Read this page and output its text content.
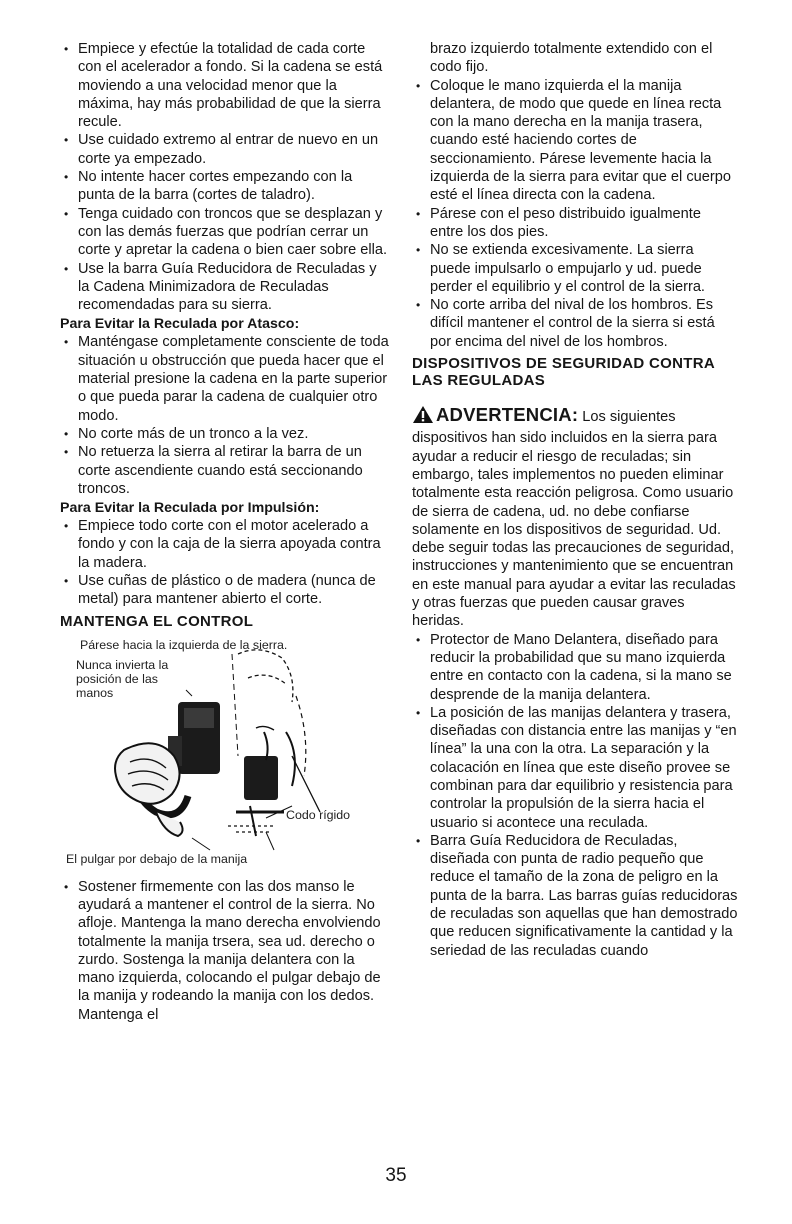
• Empiece y efectúe la totalidad de cada corte con el acelerador a fondo. Si la cadena se está moviendo a una velocidad menor que la máxima, hay más probabilidad de que la sierra recule.
• Use cuidado extremo al entrar de nuevo en un corte ya empezado.
• No intente hacer cortes empezando con la punta de la barra (cortes de taladro).
• Tenga cuidado con troncos que se desplazan y con las demás fuerzas que podrían cerrar un corte y apretar la cadena o bien caer sobre ella.
• Use la barra Guía Reducidora de Reculadas y la Cadena Minimizadora de Reculadas recomendadas para su sierra.
Para Evitar la Reculada por Atasco:
• Manténgase completamente consciente de toda situación u obstrucción que pueda hacer que el material presione la cadena en la parte superior o que pueda parar la cadena de cualquier otro modo.
• No corte más de un tronco a la vez.
• No retuerza la sierra al retirar la barra de un corte ascendiente cuando está seccionando troncos.
Para Evitar la Reculada por Impulsión:
• Empiece todo corte con el motor acelerado a fondo y con la caja de la sierra apoyada contra la madera.
• Use cuñas de plástico o de madera (nunca de metal) para mantener abierto el corte.
MANTENGA EL CONTROL
Párese hacia la izquierda de la sierra.
Nunca invierta la posición de las manos
Codo rígido
El pulgar por debajo de la manija
• Sostener firmemente con las dos manso le ayudará a mantener el control de la sierra. No afloje. Mantenga la mano derecha envolviendo totalmente la manija trsera, sea ud. derecho o zurdo. Sostenga la manija delantera con la mano izquierda, colocando el pulgar debajo de la manija y rodeando la manija con los dedos. Mantenga el

brazo izquierdo totalmente extendido con el codo fijo.

• Coloque le mano izquierda el la manija delantera, de modo que quede en línea recta con la mano derecha en la manija trasera, cuando esté haciendo cortes de seccionamiento. Párese levemente hacia la izquierda de la sierra para evitar que el cuerpo esté el línea directa con la cadena.
• Párese con el peso distribuido igualmente entre los dos pies.
• No se extienda excesivamente. La sierra puede impulsarlo o empujarlo y ud. puede perder el equilibrio y el control de la sierra.
• No corte arriba del nival de los hombros. Es difícil mantener el control de la sierra si está por encima del nivel de los hombros.
DISPOSITIVOS DE SEGURIDAD CONTRA LAS REGULADAS

ADVERTENCIA: Los siguientes dispositivos han sido incluidos en la sierra para ayudar a reducir el riesgo de reculadas; sin embargo, tales implementos no pueden eliminar totalmente esta reacción peligrosa. Como usuario de sierra de cadena, ud. no debe confiarse solamente en los dispositivos de seguridad. Ud. debe seguir todas las precauciones de seguridad, instrucciones y mantenimiento que se encuentran en este manual para ayudar a evitar las reculadas y otras fuerzas que pueden causar graves heridas.

• Protector de Mano Delantera, diseñado para reducir la probabilidad que su mano izquierda entre en contacto con la cadena, si la mano se desprende de la manija delantera.
• La posición de las manijas delantera y trasera, diseñadas con distancia entre las manijas y “en línea” la una con la otra. La separación y la colacación en línea que este diseño provee se combinan para dar equilibrio y resistencia para controlar la propulsión de la sierra hacia el usuario si acontece una reculada.
• Barra Guía Reducidora de Reculadas, diseñada con punta de radio pequeño que reduce el tamaño de la zona de peligro en la punta de la barra. Las barras guías reducidoras de reculadas son aquellas que han demostrado que reducen significativamente la cantidad y la seriedad de las reculadas cuando
35
